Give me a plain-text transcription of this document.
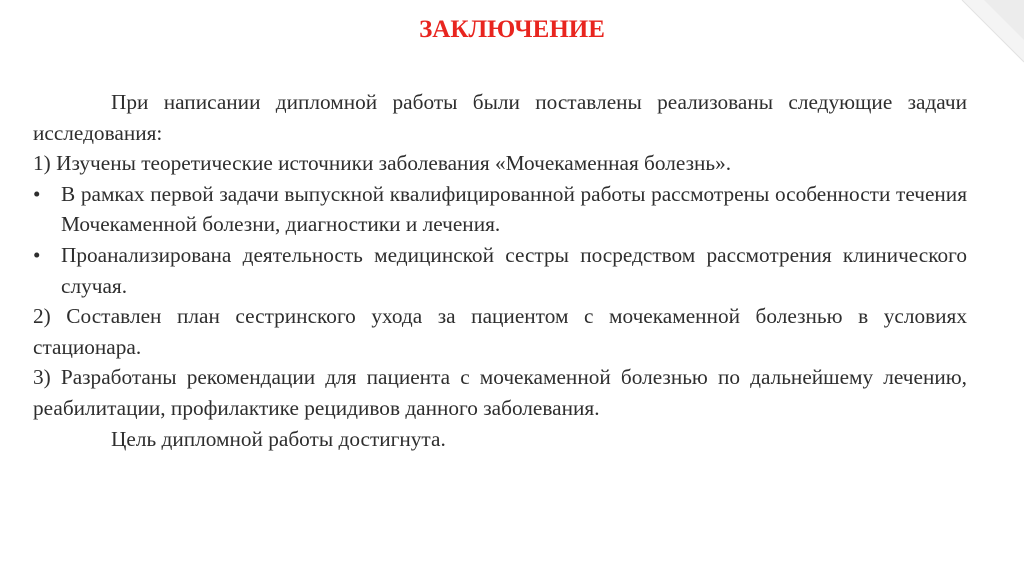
ЗАКЛЮЧЕНИЕ

При написании дипломной работы были поставлены реализованы следующие задачи исследования:

1) Изучены теоретические источники заболевания «Мочекаменная болезнь».

• В рамках первой задачи выпускной квалифицированной работы рассмотрены особенности течения Мочекаменной болезни, диагностики и лечения.
• Проанализирована деятельность медицинской сестры посредством рассмотрения клинического случая.

2) Составлен план сестринского ухода за пациентом с мочекаменной болезнью в условиях стационара.

3) Разработаны рекомендации для пациента с мочекаменной болезнью по дальнейшему лечению, реабилитации, профилактике рецидивов данного заболевания.

Цель дипломной работы достигнута.
